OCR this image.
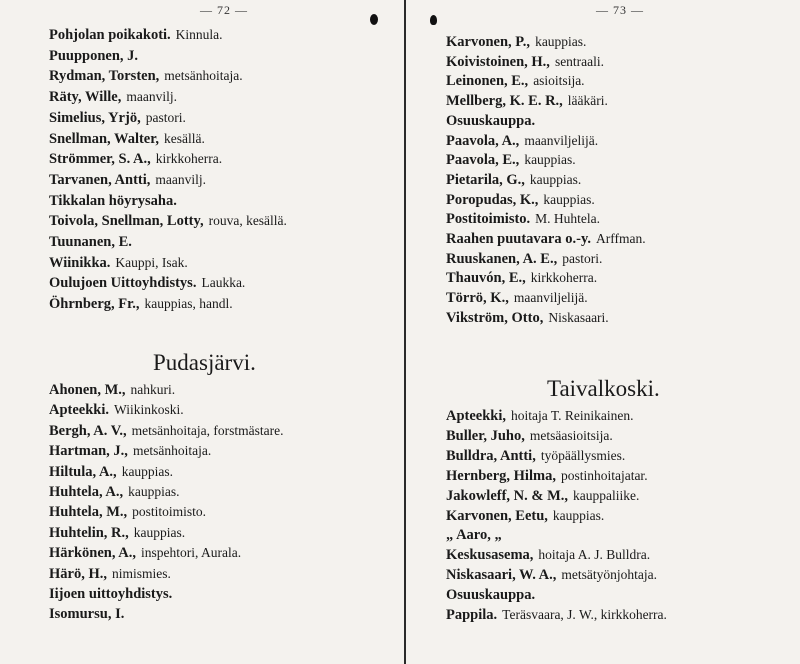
— 72 —
Pohjolan poikakoti. Kinnula.
Puupponen, J.
Rydman, Torsten, metsänhoitaja.
Räty, Wille, maanvilj.
Simelius, Yrjö, pastori.
Snellman, Walter, kesällä.
Strömmer, S. A., kirkkoherra.
Tarvanen, Antti, maanvilj.
Tikkalan höyrysaha.
Toivola, Snellman, Lotty, rouva, kesällä.
Tuunanen, E.
Wiinikka. Kauppi, Isak.
Oulujoen Uittoyhdistys. Laukka.
Öhrnberg, Fr., kauppias, handl.
Pudasjärvi.
Ahonen, M., nahkuri.
Apteekki. Wiikinkoski.
Bergh, A. V., metsänhoitaja, forstmästare.
Hartman, J., metsänhoitaja.
Hiltula, A., kauppias.
Huhtela, A., kauppias.
Huhtela, M., postitoimisto.
Huhtelin, R., kauppias.
Härkönen, A., inspehtori, Aurala.
Härö, H., nimismies.
Iijoen uittoyhdistys.
Isomursu, I.
— 73 —
Karvonen, P., kauppias.
Koivistoinen, H., sentraali.
Leinonen, E., asioitsija.
Mellberg, K. E. R., lääkäri.
Osuuskauppa.
Paavola, A., maanviljelijä.
Paavola, E., kauppias.
Pietarila, G., kauppias.
Poropudas, K., kauppias.
Postitoimisto. M. Huhtela.
Raahen puutavara o.-y. Arffman.
Ruuskanen, A. E., pastori.
Thauvón, E., kirkkoherra.
Törrö, K., maanviljelijä.
Vikström, Otto, Niskasaari.
Taivalkoski.
Apteekki, hoitaja T. Reinikainen.
Buller, Juho, metsäasioitsija.
Bulldra, Antti, työpäällysmies.
Hernberg, Hilma, postinhoitajatar.
Jakowleff, N. & M., kauppaliike.
Karvonen, Eetu, kauppias.
„ Aaro, „
Keskusasema, hoitaja A. J. Bulldra.
Niskasaari, W. A., metsätyönjohtaja.
Osuuskauppa.
Pappila. Teräsvaara, J. W., kirkkoherra.
